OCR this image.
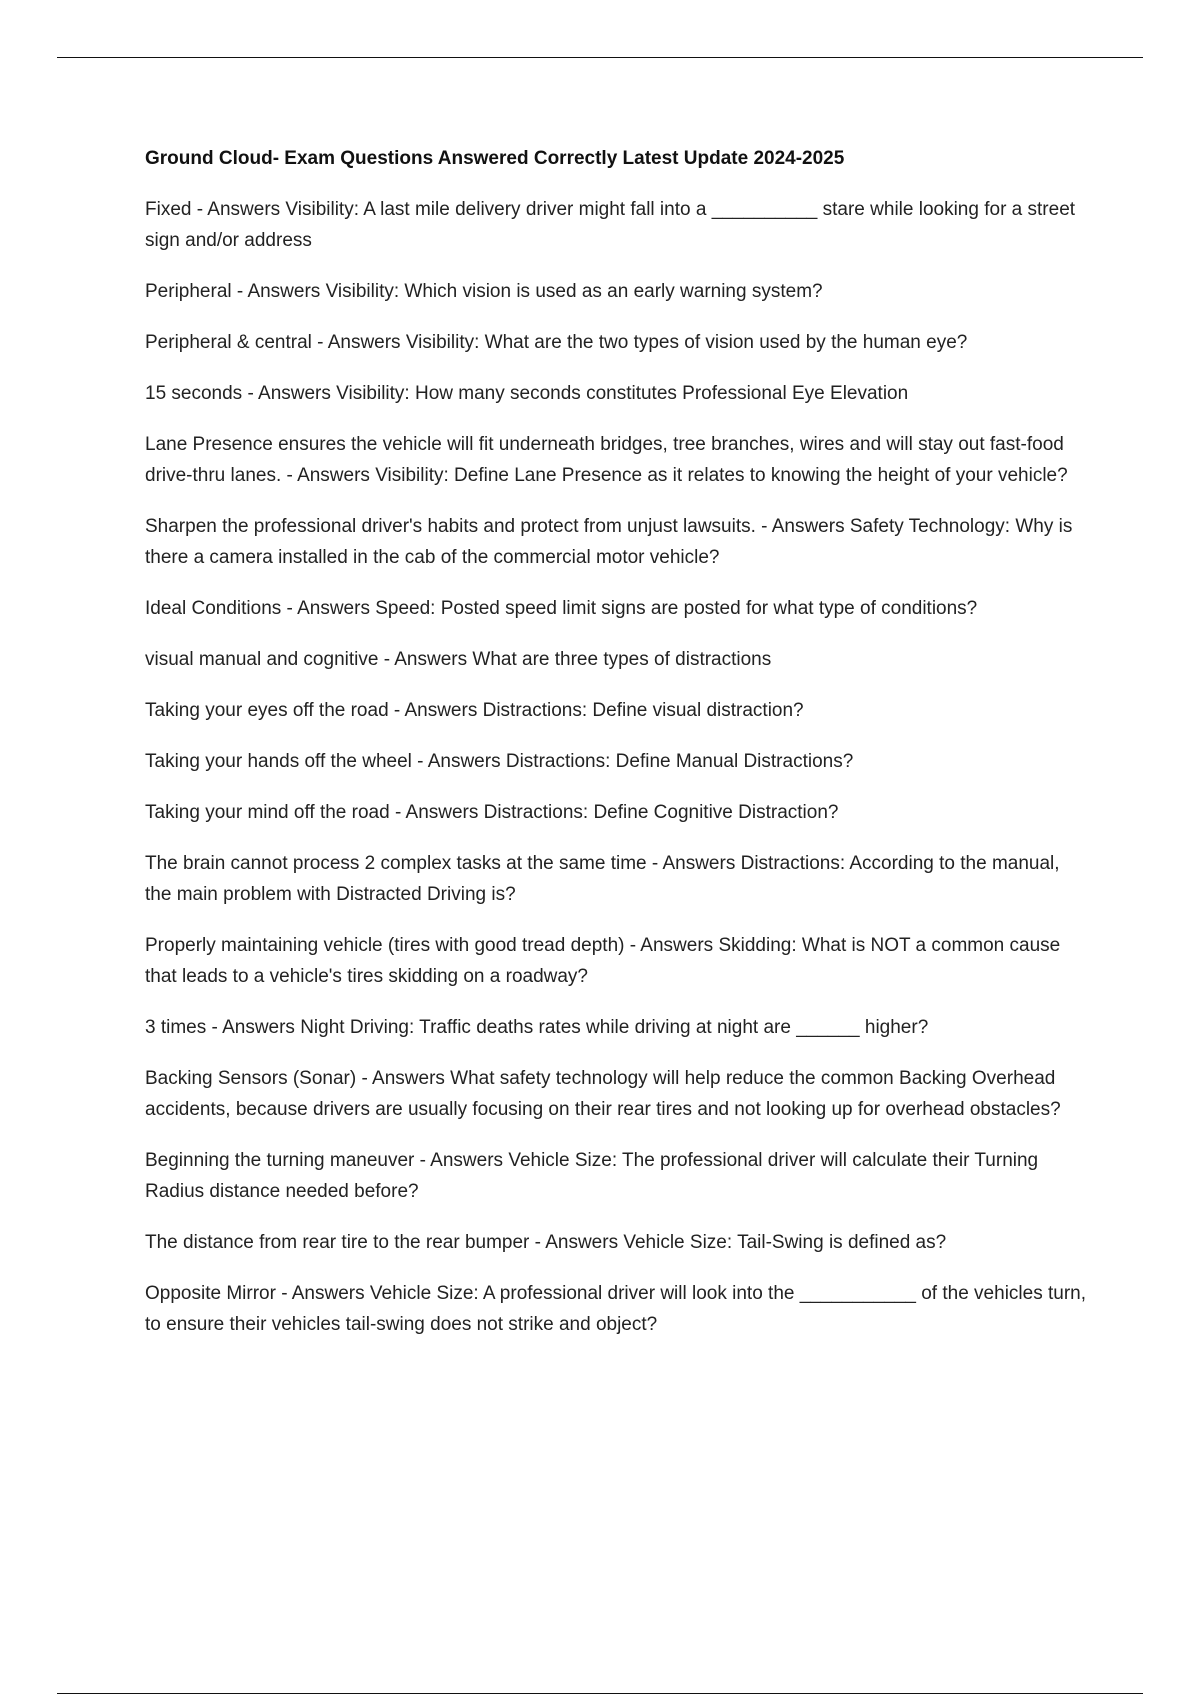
Ground Cloud- Exam Questions Answered Correctly Latest Update 2024-2025

Fixed - Answers Visibility: A last mile delivery driver might fall into a __________ stare while looking for a street sign and/or address

Peripheral - Answers Visibility: Which vision is used as an early warning system?

Peripheral & central - Answers Visibility: What are the two types of vision used by the human eye?

15 seconds - Answers Visibility: How many seconds constitutes Professional Eye Elevation

Lane Presence ensures the vehicle will fit underneath bridges, tree branches, wires and will stay out fast-food drive-thru lanes. - Answers Visibility: Define Lane Presence as it relates to knowing the height of your vehicle?

Sharpen the professional driver's habits and protect from unjust lawsuits. - Answers Safety Technology: Why is there a camera installed in the cab of the commercial motor vehicle?

Ideal Conditions - Answers Speed: Posted speed limit signs are posted for what type of conditions?

visual manual and cognitive - Answers What are three types of distractions

Taking your eyes off the road - Answers Distractions: Define visual distraction?

Taking your hands off the wheel - Answers Distractions: Define Manual Distractions?

Taking your mind off the road - Answers Distractions: Define Cognitive Distraction?

The brain cannot process 2 complex tasks at the same time - Answers Distractions: According to the manual, the main problem with Distracted Driving is?

Properly maintaining vehicle (tires with good tread depth) - Answers Skidding: What is NOT a common cause that leads to a vehicle's tires skidding on a roadway?

3 times - Answers Night Driving: Traffic deaths rates while driving at night are ______ higher?

Backing Sensors (Sonar) - Answers What safety technology will help reduce the common Backing Overhead accidents, because drivers are usually focusing on their rear tires and not looking up for overhead obstacles?

Beginning the turning maneuver - Answers Vehicle Size: The professional driver will calculate their Turning Radius distance needed before?

The distance from rear tire to the rear bumper - Answers Vehicle Size: Tail-Swing is defined as?

Opposite Mirror - Answers Vehicle Size: A professional driver will look into the ___________ of the vehicles turn, to ensure their vehicles tail-swing does not strike and object?
